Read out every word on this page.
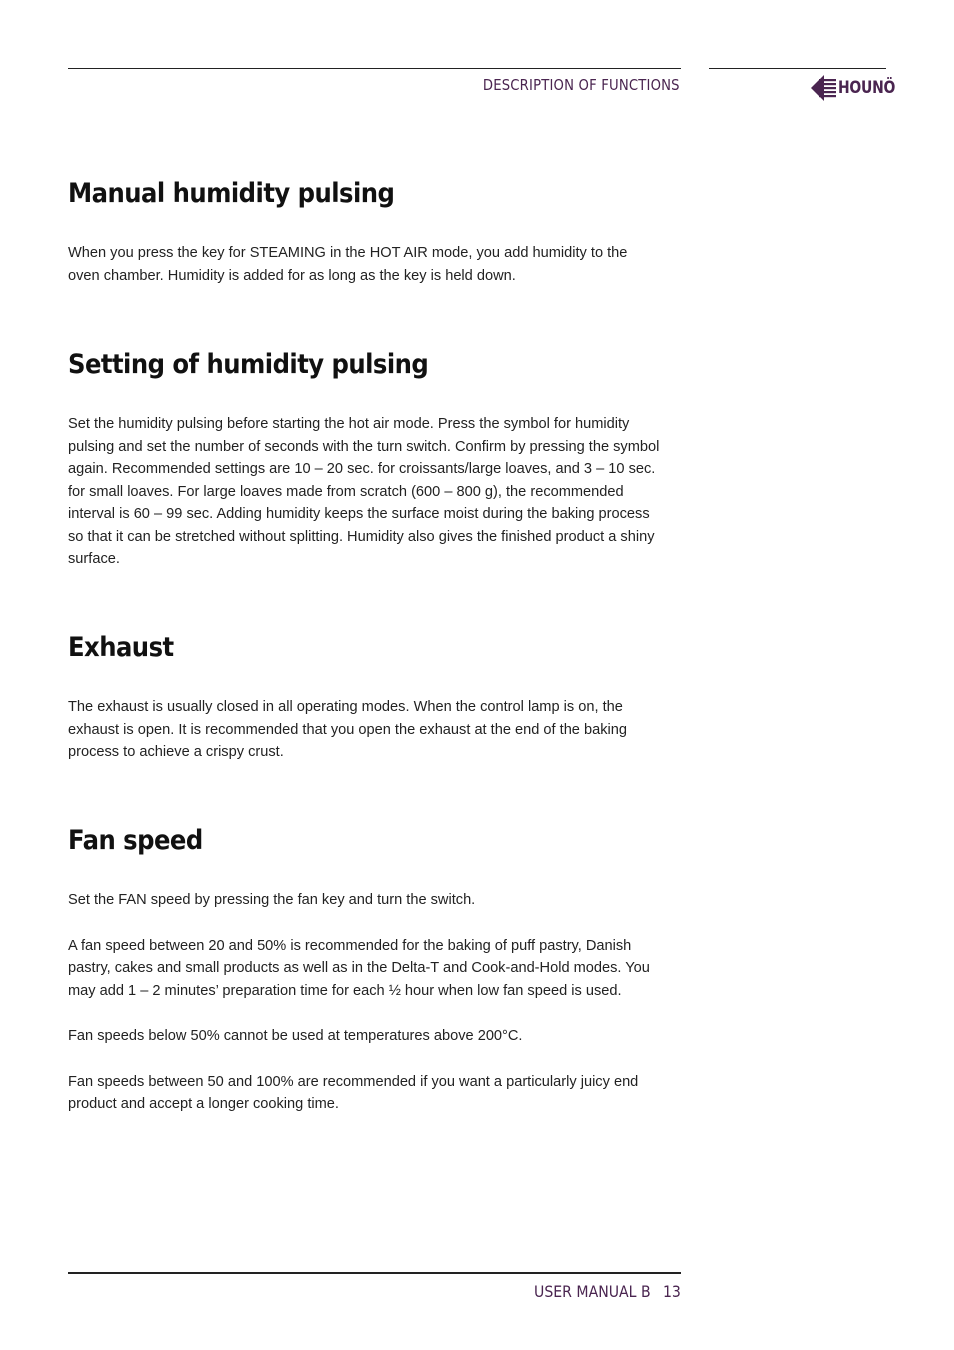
DESCRIPTION OF FUNCTIONS	HOUNÖ
Manual humidity pulsing

When you press the key for STEAMING in the HOT AIR mode, you add humidity to the oven chamber. Humidity is added for as long as the key is held down.

Setting of humidity pulsing

Set the humidity pulsing before starting the hot air mode. Press the symbol for humidity pulsing and set the number of seconds with the turn switch. Confirm by pressing the symbol again. Recommended settings are 10 – 20 sec. for croissants/large loaves, and 3 – 10 sec. for small loaves. For large loaves made from scratch (600 – 800 g), the recommended interval is 60 – 99 sec. Adding humidity keeps the surface moist during the baking process so that it can be stretched without splitting. Humidity also gives the finished product a shiny surface.

Exhaust

The exhaust is usually closed in all operating modes. When the control lamp is on, the exhaust is open. It is recommended that you open the exhaust at the end of the baking process to achieve a crispy crust.

Fan speed

Set the FAN speed by pressing the fan key and turn the switch.

A fan speed between 20 and 50% is recommended for the baking of puff pastry, Danish pastry, cakes and small products as well as in the Delta-T and Cook-and-Hold modes. You may add 1 – 2 minutes’ preparation time for each ½ hour when low fan speed is used.

Fan speeds below 50% cannot be used at temperatures above 200°C.

Fan speeds between 50 and 100% are recommended if you want a particularly juicy end product and accept a longer cooking time.

USER MANUAL B 13
